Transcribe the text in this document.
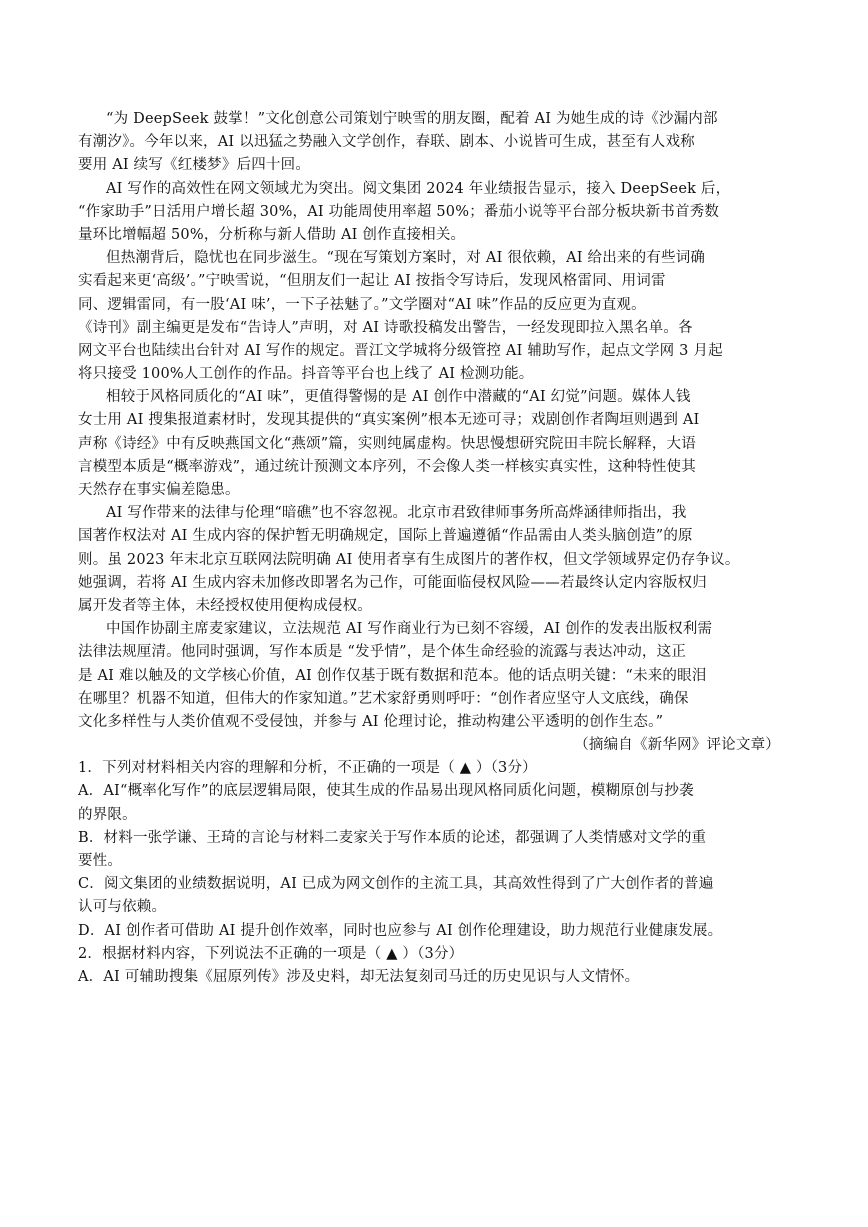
“为 DeepSeek 鼓掌！”文化创意公司策划宁映雪的朋友圈，配着 AI 为她生成的诗《沙漏内部
有潮汐》。今年以来，AI 以迅猛之势融入文学创作，春联、剧本、小说皆可生成，甚至有人戏称
要用 AI 续写《红楼梦》后四十回。
AI 写作的高效性在网文领域尤为突出。阅文集团 2024 年业绩报告显示，接入 DeepSeek 后，
“作家助手”日活用户增长超 30%，AI 功能周使用率超 50%；番茄小说等平台部分板块新书首秀数
量环比增幅超 50%，分析称与新人借助 AI 创作直接相关。
但热潮背后，隐忧也在同步滋生。“现在写策划方案时，对 AI 很依赖，AI 给出来的有些词确
实看起来更‘高级’。”宁映雪说，“但朋友们一起让 AI 按指令写诗后，发现风格雷同、用词雷
同、逻辑雷同，有一股‘AI 味’，一下子祛魅了。”文学圈对“AI 味”作品的反应更为直观。
《诗刊》副主编更是发布“告诗人”声明，对 AI 诗歌投稿发出警告，一经发现即拉入黑名单。各
网文平台也陆续出台针对 AI 写作的规定。晋江文学城将分级管控 AI 辅助写作，起点文学网 3 月起
将只接受 100%人工创作的作品。抖音等平台也上线了 AI 检测功能。
相较于风格同质化的“AI 味”，更值得警惕的是 AI 创作中潜藏的“AI 幻觉”问题。媒体人钱
女士用 AI 搜集报道素材时，发现其提供的“真实案例”根本无迹可寻；戏剧创作者陶垣则遇到 AI
声称《诗经》中有反映燕国文化“燕颂”篇，实则纯属虚构。快思慢想研究院田丰院长解释，大语
言模型本质是“概率游戏”，通过统计预测文本序列，不会像人类一样核实真实性，这种特性使其
天然存在事实偏差隐患。
AI 写作带来的法律与伦理“暗礁”也不容忽视。北京市君致律师事务所高烨涵律师指出，我
国著作权法对 AI 生成内容的保护暂无明确规定，国际上普遍遵循“作品需由人类头脑创造”的原
则。虽 2023 年末北京互联网法院明确 AI 使用者享有生成图片的著作权，但文学领域界定仍存争议。
她强调，若将 AI 生成内容未加修改即署名为己作，可能面临侵权风险——若最终认定内容版权归
属开发者等主体，未经授权使用便构成侵权。
中国作协副主席麦家建议，立法规范 AI 写作商业行为已刻不容缓，AI 创作的发表出版权利需
法律法规厘清。他同时强调，写作本质是 “发乎情”，是个体生命经验的流露与表达冲动，这正
是 AI 难以触及的文学核心价值，AI 创作仅基于既有数据和范本。他的话点明关键：“未来的眼泪
在哪里？机器不知道，但伟大的作家知道。”艺术家舒勇则呼吁：“创作者应坚守人文底线，确保
文化多样性与人类价值观不受侵蚀，并参与 AI 伦理讨论，推动构建公平透明的创作生态。”
（摘编自《新华网》评论文章）
1．下列对材料相关内容的理解和分析，不正确的一项是（ ▲ ）（3分）
A．AI“概率化写作”的底层逻辑局限，使其生成的作品易出现风格同质化问题，模糊原创与抄袭
的界限。
B．材料一张学谦、王琦的言论与材料二麦家关于写作本质的论述，都强调了人类情感对文学的重
要性。
C．阅文集团的业绩数据说明，AI 已成为网文创作的主流工具，其高效性得到了广大创作者的普遍
认可与依赖。
D．AI 创作者可借助 AI 提升创作效率，同时也应参与 AI 创作伦理建设，助力规范行业健康发展。
2．根据材料内容，下列说法不正确的一项是（ ▲ ）（3分）
A．AI 可辅助搜集《屈原列传》涉及史料，却无法复刻司马迁的历史见识与人文情怀。
